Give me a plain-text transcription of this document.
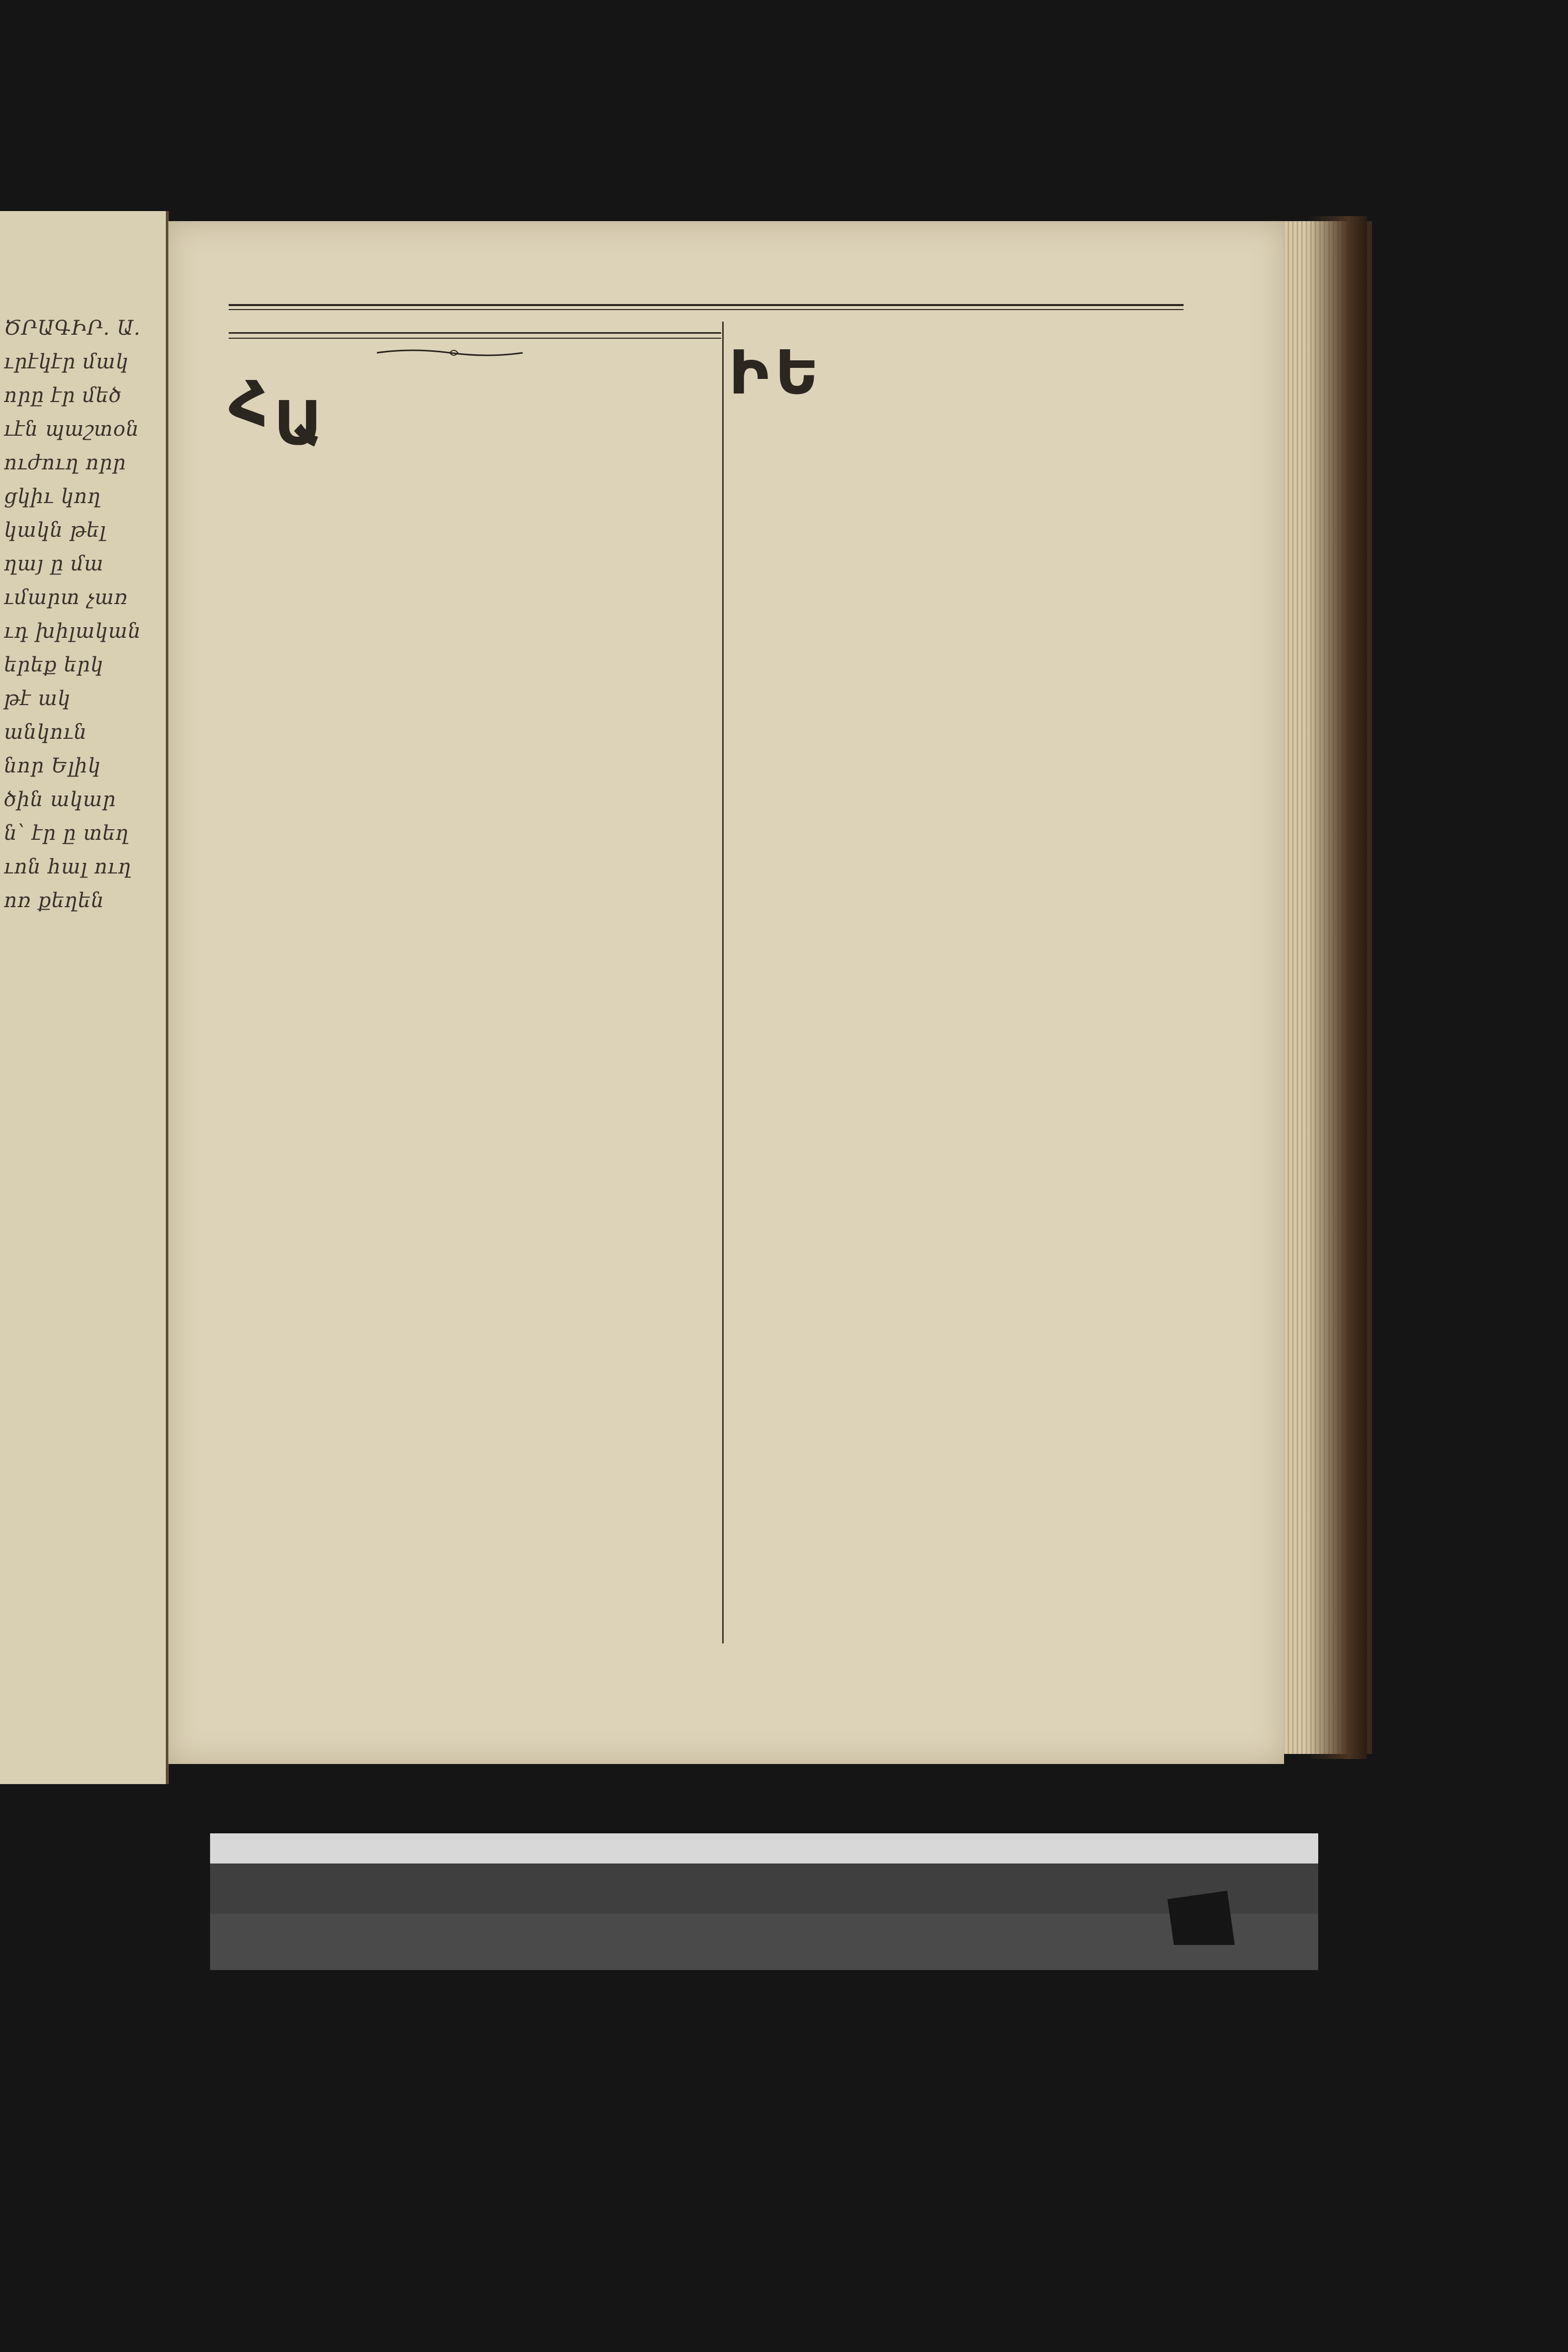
ԾՐԱԳԻՐ. Ա.
ւրէկէր մակ
որը էր մեծ
ւէն պաշտօն
ուժուղ որր
ցկիւ կող
կակն թել
ղայ ը մա
ւմարտ չառ
ւդ խիլական
երեք երկ
թէ ակ անկուն
նոր Ելիկ
ծին ակար
ն՝ էր ը տեղ
ւոն հալ ուղ
ոռ քեղեն

Հ Ա

Ի Ե
